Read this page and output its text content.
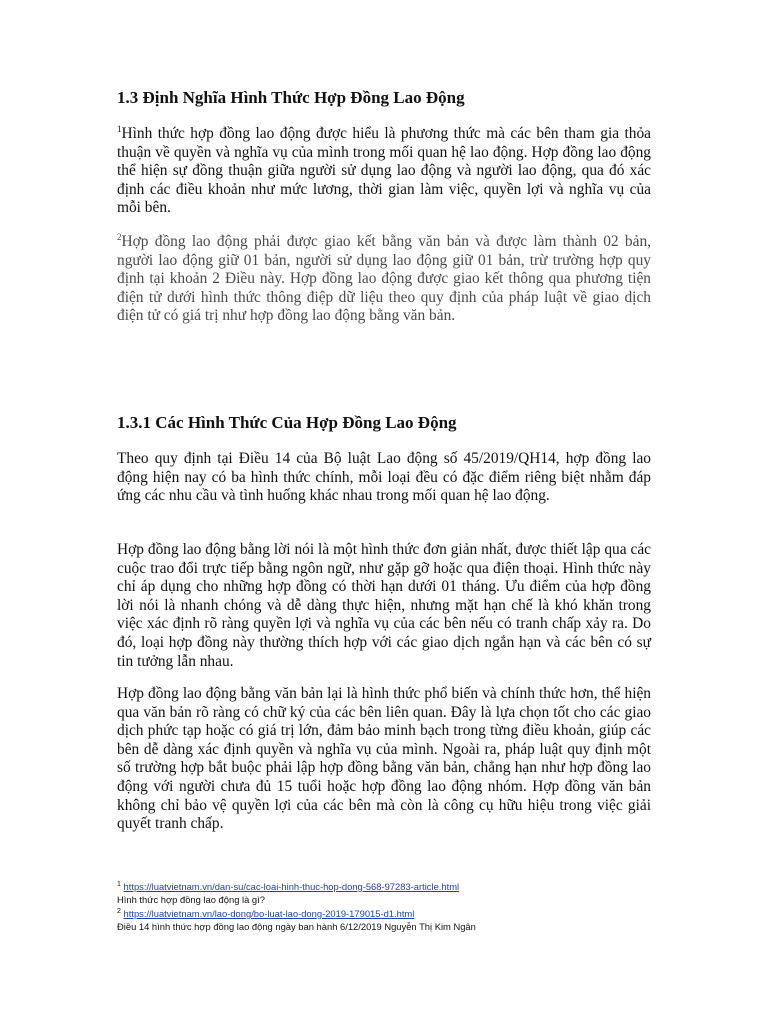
1.3 Định Nghĩa Hình Thức Hợp Đồng Lao Động

$^1$Hình thức hợp đồng lao động được hiểu là phương thức mà các bên tham gia thỏa thuận về quyền và nghĩa vụ của mình trong mối quan hệ lao động. Hợp đồng lao động thể hiện sự đồng thuận giữa người sử dụng lao động và người lao động, qua đó xác định các điều khoản như mức lương, thời gian làm việc, quyền lợi và nghĩa vụ của mỗi bên.

$^2$Hợp đồng lao động phải được giao kết bằng văn bản và được làm thành 02 bản, người lao động giữ 01 bản, người sử dụng lao động giữ 01 bản, trừ trường hợp quy định tại khoản 2 Điều này. Hợp đồng lao động được giao kết thông qua phương tiện điện tử dưới hình thức thông điệp dữ liệu theo quy định của pháp luật về giao dịch điện tử có giá trị như hợp đồng lao động bằng văn bản.

1.3.1 Các Hình Thức Của Hợp Đồng Lao Động

Theo quy định tại Điều 14 của Bộ luật Lao động số 45/2019/QH14, hợp đồng lao động hiện nay có ba hình thức chính, mỗi loại đều có đặc điểm riêng biệt nhằm đáp ứng các nhu cầu và tình huống khác nhau trong mối quan hệ lao động.

Hợp đồng lao động bằng lời nói là một hình thức đơn giản nhất, được thiết lập qua các cuộc trao đổi trực tiếp bằng ngôn ngữ, như gặp gỡ hoặc qua điện thoại. Hình thức này chỉ áp dụng cho những hợp đồng có thời hạn dưới 01 tháng. Ưu điểm của hợp đồng lời nói là nhanh chóng và dễ dàng thực hiện, nhưng mặt hạn chế là khó khăn trong việc xác định rõ ràng quyền lợi và nghĩa vụ của các bên nếu có tranh chấp xảy ra. Do đó, loại hợp đồng này thường thích hợp với các giao dịch ngắn hạn và các bên có sự tin tưởng lẫn nhau.

Hợp đồng lao động bằng văn bản lại là hình thức phổ biến và chính thức hơn, thể hiện qua văn bản rõ ràng có chữ ký của các bên liên quan. Đây là lựa chọn tốt cho các giao dịch phức tạp hoặc có giá trị lớn, đảm bảo minh bạch trong từng điều khoản, giúp các bên dễ dàng xác định quyền và nghĩa vụ của mình. Ngoài ra, pháp luật quy định một số trường hợp bắt buộc phải lập hợp đồng bằng văn bản, chẳng hạn như hợp đồng lao động với người chưa đủ 15 tuổi hoặc hợp đồng lao động nhóm. Hợp đồng văn bản không chỉ bảo vệ quyền lợi của các bên mà còn là công cụ hữu hiệu trong việc giải quyết tranh chấp.

$^1$ https://luatvietnam.vn/dan-su/cac-loai-hinh-thuc-hop-dong-568-97283-article.html
Hình thức hợp đồng lao động là gì?
$^2$ https://luatvietnam.vn/lao-dong/bo-luat-lao-dong-2019-179015-d1.html
Điều 14 hình thức hợp đồng lao động ngày ban hành 6/12/2019 Nguyễn Thị Kim Ngân
